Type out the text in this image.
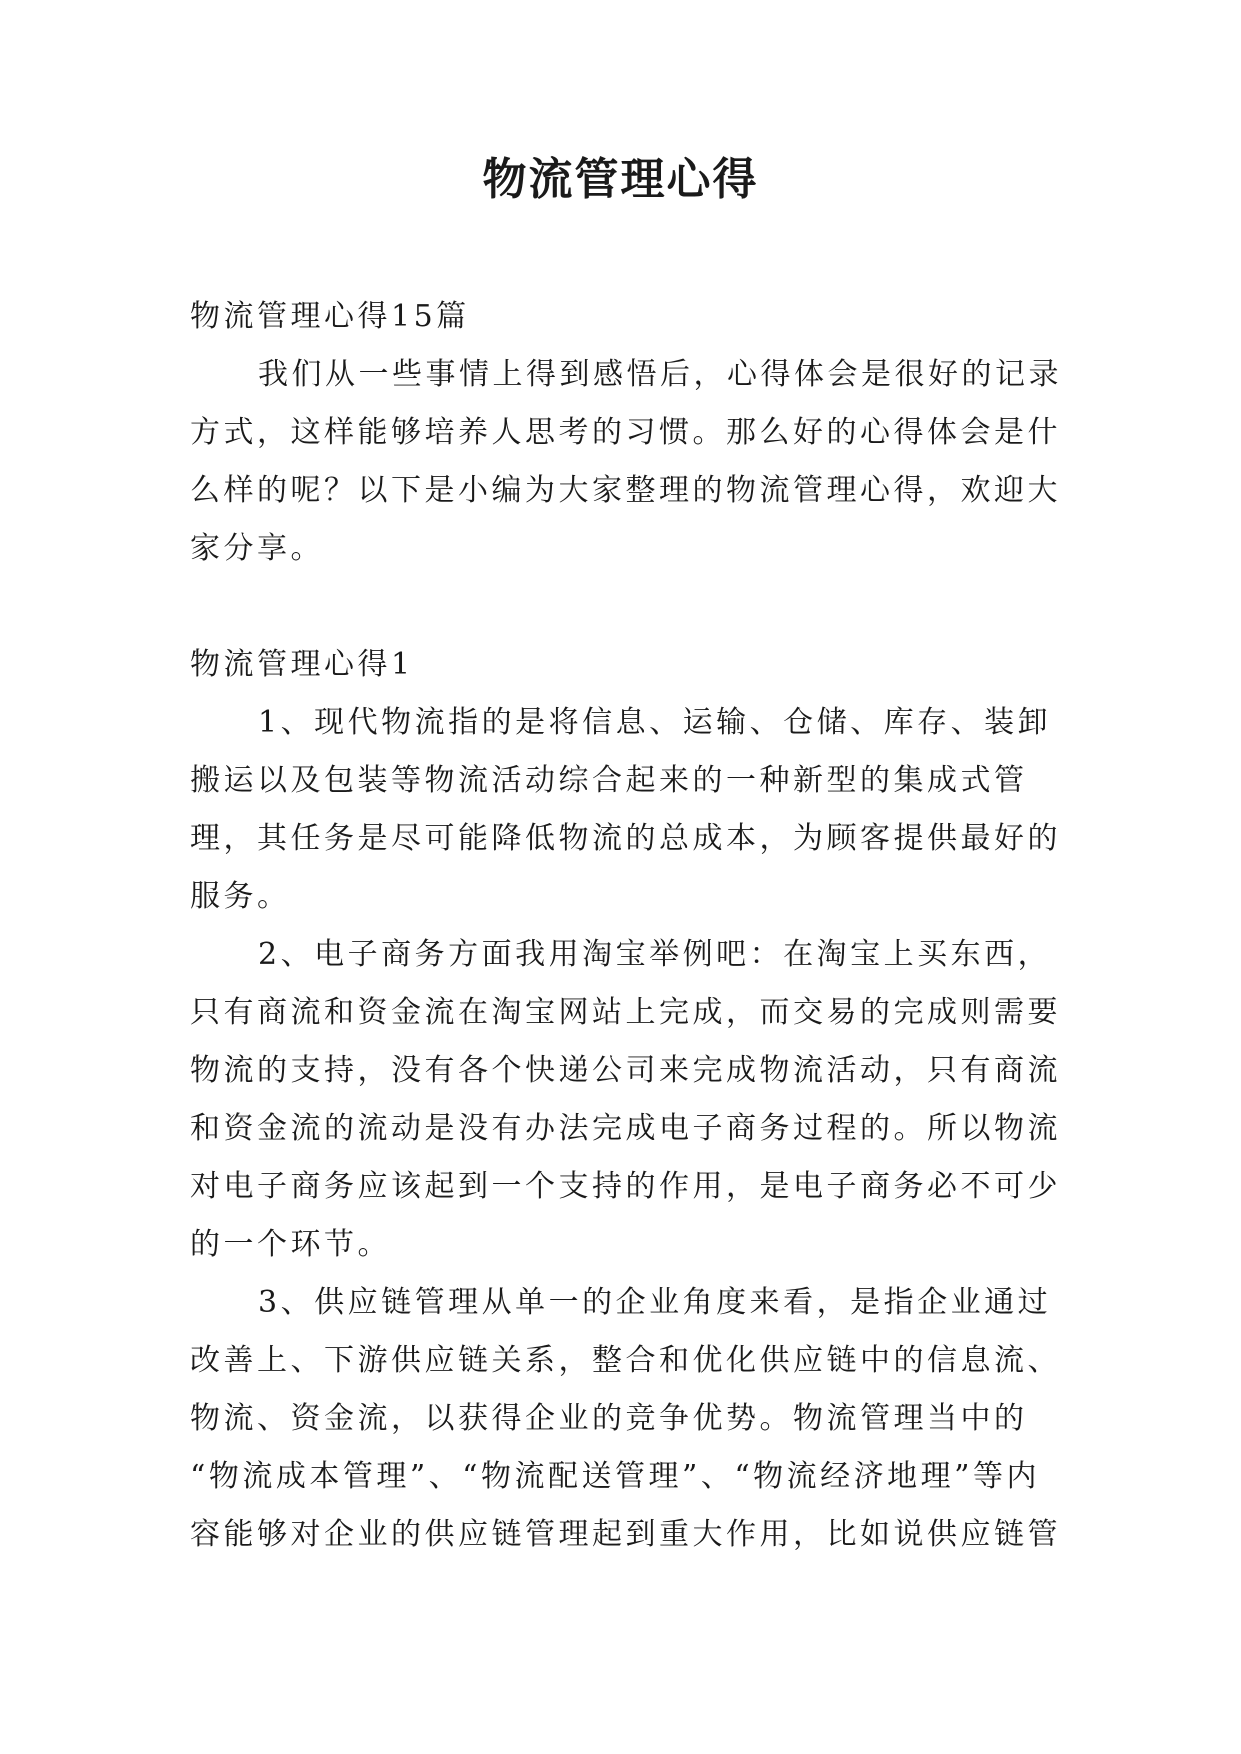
物流管理心得
物流管理心得15篇
我们从一些事情上得到感悟后，心得体会是很好的记录
方式，这样能够培养人思考的习惯。那么好的心得体会是什
么样的呢？以下是小编为大家整理的物流管理心得，欢迎大
家分享。
物流管理心得1
1、现代物流指的是将信息、运输、仓储、库存、装卸
搬运以及包装等物流活动综合起来的一种新型的集成式管
理，其任务是尽可能降低物流的总成本，为顾客提供最好的
服务。
2、电子商务方面我用淘宝举例吧：在淘宝上买东西，
只有商流和资金流在淘宝网站上完成，而交易的完成则需要
物流的支持，没有各个快递公司来完成物流活动，只有商流
和资金流的流动是没有办法完成电子商务过程的。所以物流
对电子商务应该起到一个支持的作用，是电子商务必不可少
的一个环节。
3、供应链管理从单一的企业角度来看，是指企业通过
改善上、下游供应链关系，整合和优化供应链中的信息流、
物流、资金流，以获得企业的竞争优势。物流管理当中的
“物流成本管理”、“物流配送管理”、“物流经济地理”等内
容能够对企业的供应链管理起到重大作用，比如说供应链管
